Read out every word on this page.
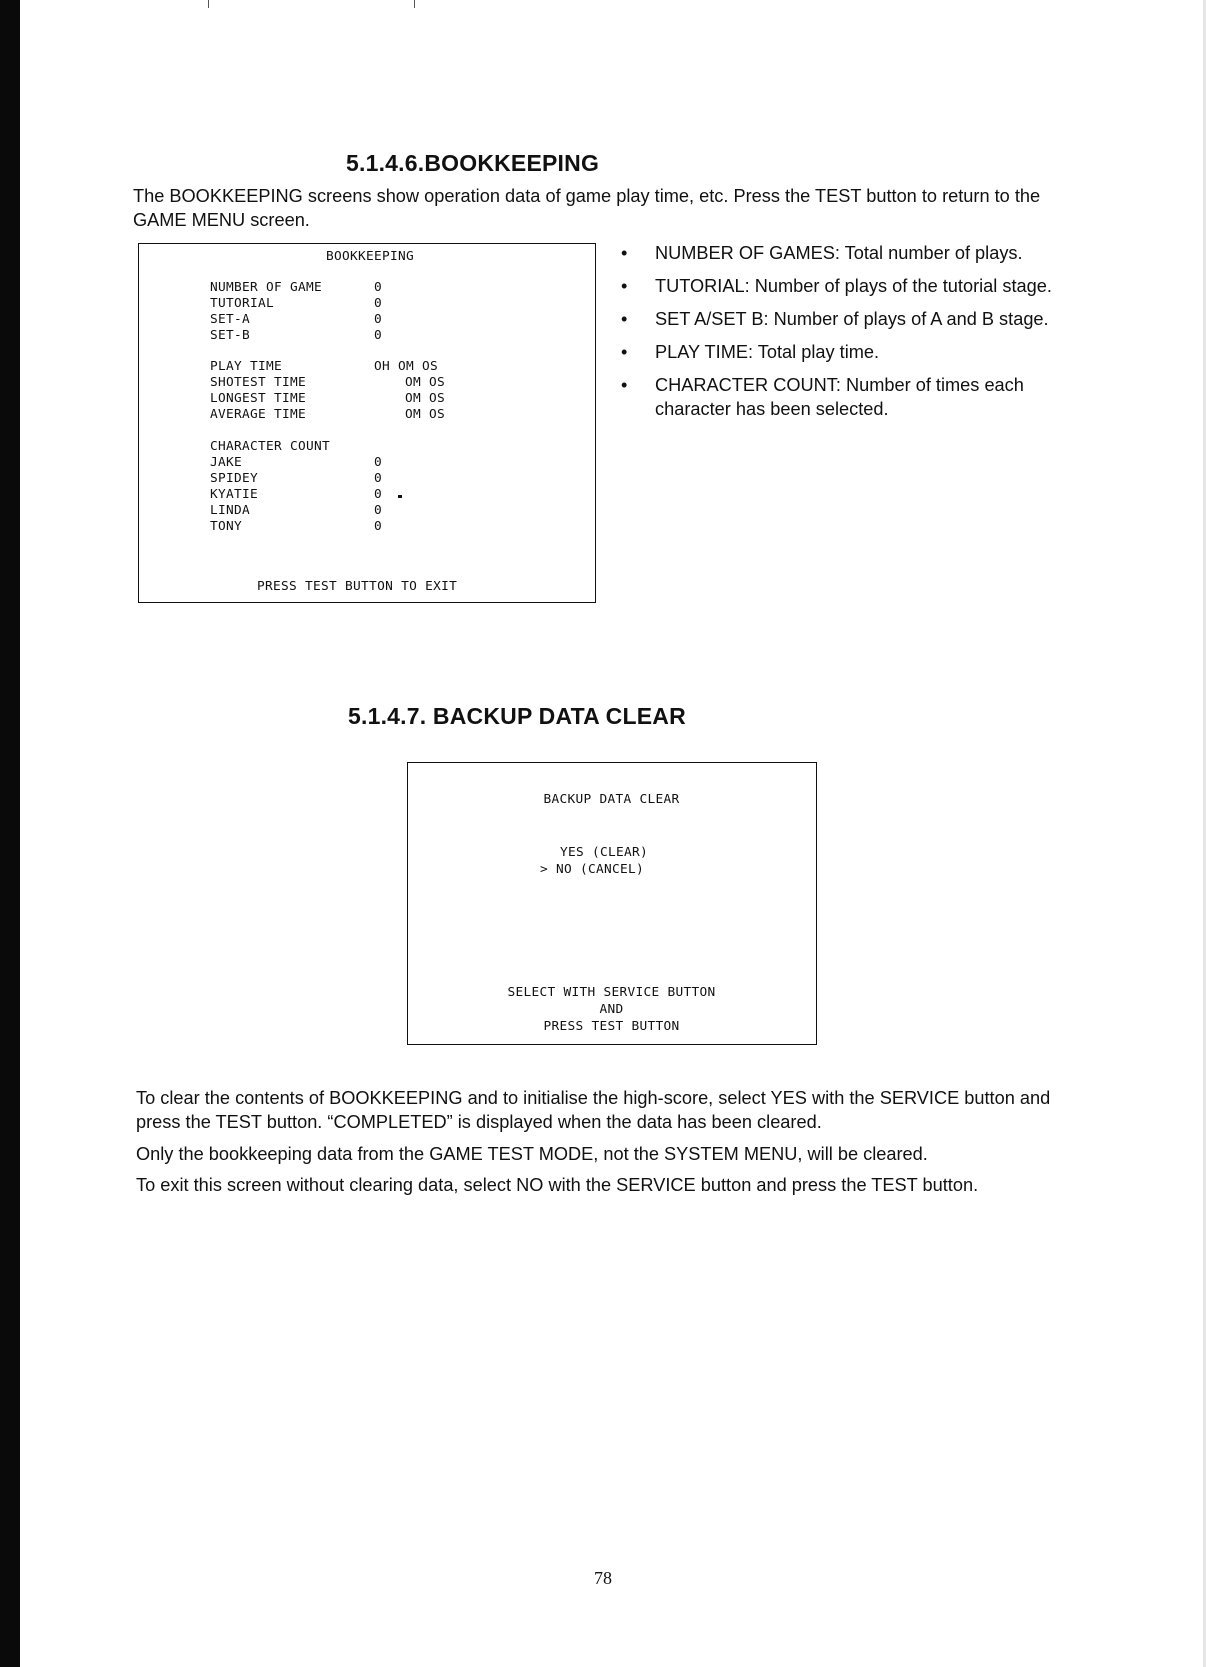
5.1.4.6.BOOKKEEPING

The BOOKKEEPING screens show operation data of game play time, etc. Press the TEST button to return to the GAME MENU screen.

BOOKKEEPING
NUMBER OF GAME	0
TUTORIAL	0
SET-A	0
SET-B	0
PLAY TIME	OH OM OS
SHOTEST TIME	OM OS
LONGEST TIME	OM OS
AVERAGE TIME	OM OS
CHARACTER COUNT
JAKE	0
SPIDEY	0
KYATIE	0
LINDA	0
TONY	0
PRESS TEST BUTTON TO EXIT
• NUMBER OF GAMES: Total number of plays.
• TUTORIAL: Number of plays of the tutorial stage.
• SET A/SET B: Number of plays of A and B stage.
• PLAY TIME: Total play time.
• CHARACTER COUNT: Number of times each character has been selected.
5.1.4.7. BACKUP DATA CLEAR
BACKUP DATA CLEAR
YES (CLEAR)
> NO (CANCEL)
SELECT WITH SERVICE BUTTON
AND
PRESS TEST BUTTON

To clear the contents of BOOKKEEPING and to initialise the high-score, select YES with the SERVICE button and press the TEST button. “COMPLETED” is displayed when the data has been cleared.

Only the bookkeeping data from the GAME TEST MODE, not the SYSTEM MENU, will be cleared.

To exit this screen without clearing data, select NO with the SERVICE button and press the TEST button.

78
